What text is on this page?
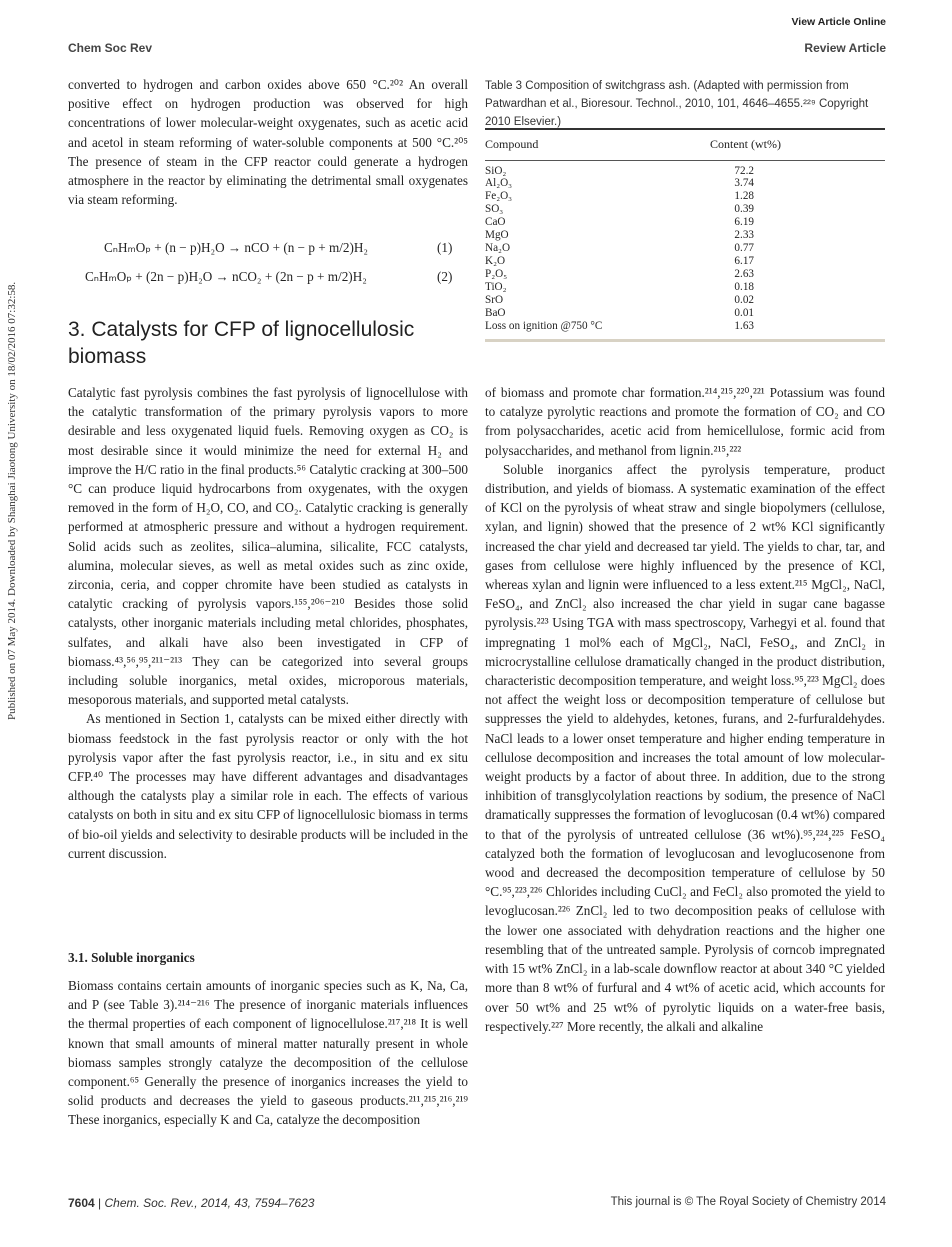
View Article Online
Chem Soc Rev	Review Article
Published on 07 May 2014. Downloaded by Shanghai Jiaotong University on 18/02/2016 07:32:58.

converted to hydrogen and carbon oxides above 650 °C.²⁰² An overall positive effect on hydrogen production was observed for high concentrations of lower molecular-weight oxygenates, such as acetic acid and acetol in steam reforming of water-soluble components at 500 °C.²⁰⁵ The presence of steam in the CFP reactor could generate a hydrogen atmosphere in the reactor by eliminating the detrimental small oxygenates via steam reforming.

CₙHₘOₚ + (n − p)H₂O → nCO + (n − p + m/2)H₂	(1)
CₙHₘOₚ + (2n − p)H₂O → nCO₂ + (2n − p + m/2)H₂	(2)
3. Catalysts for CFP of lignocellulosic biomass

Catalytic fast pyrolysis combines the fast pyrolysis of lignocellulose with the catalytic transformation of the primary pyrolysis vapors to more desirable and less oxygenated liquid fuels. Removing oxygen as CO₂ is most desirable since it would minimize the need for external H₂ and improve the H/C ratio in the final products.⁵⁶ Catalytic cracking at 300–500 °C can produce liquid hydrocarbons from oxygenates, with the oxygen removed in the form of H₂O, CO, and CO₂. Catalytic cracking is generally performed at atmospheric pressure and without a hydrogen requirement. Solid acids such as zeolites, silica–alumina, silicalite, FCC catalysts, alumina, molecular sieves, as well as metal oxides such as zinc oxide, zirconia, ceria, and copper chromite have been studied as catalysts in catalytic cracking of pyrolysis vapors.¹⁵⁵,²⁰⁶⁻²¹⁰ Besides those solid catalysts, other inorganic materials including metal chlorides, phosphates, sulfates, and alkali have also been investigated in CFP of biomass.⁴³,⁵⁶,⁹⁵,²¹¹⁻²¹³ They can be categorized into several groups including soluble inorganics, metal oxides, microporous materials, mesoporous materials, and supported metal catalysts.

As mentioned in Section 1, catalysts can be mixed either directly with biomass feedstock in the fast pyrolysis reactor or only with the hot pyrolysis vapor after the fast pyrolysis reactor, i.e., in situ and ex situ CFP.⁴⁰ The processes may have different advantages and disadvantages although the catalysts play a similar role in each. The effects of various catalysts on both in situ and ex situ CFP of lignocellulosic biomass in terms of bio-oil yields and selectivity to desirable products will be included in the current discussion.

3.1. Soluble inorganics

Biomass contains certain amounts of inorganic species such as K, Na, Ca, and P (see Table 3).²¹⁴⁻²¹⁶ The presence of inorganic materials influences the thermal properties of each component of lignocellulose.²¹⁷,²¹⁸ It is well known that small amounts of mineral matter naturally present in whole biomass samples strongly catalyze the decomposition of the cellulose component.⁶⁵ Generally the presence of inorganics increases the yield to solid products and decreases the yield to gaseous products.²¹¹,²¹⁵,²¹⁶,²¹⁹ These inorganics, especially K and Ca, catalyze the decomposition

Table 3 Composition of switchgrass ash. (Adapted with permission from Patwardhan et al., Bioresour. Technol., 2010, 101, 4646–4655.²²⁹ Copyright 2010 Elsevier.)
Compound	Content (wt%)
SiO₂	72.2
Al₂O₃	3.74
Fe₂O₃	1.28
SO₃	0.39
CaO	6.19
MgO	2.33
Na₂O	0.77
K₂O	6.17
P₂O₅	2.63
TiO₂	0.18
SrO	0.02
BaO	0.01
Loss on ignition @750 °C	1.63

of biomass and promote char formation.²¹⁴,²¹⁵,²²⁰,²²¹ Potassium was found to catalyze pyrolytic reactions and promote the formation of CO₂ and CO from polysaccharides, acetic acid from hemicellulose, formic acid from polysaccharides, and methanol from lignin.²¹⁵,²²²

Soluble inorganics affect the pyrolysis temperature, product distribution, and yields of biomass. A systematic examination of the effect of KCl on the pyrolysis of wheat straw and single biopolymers (cellulose, xylan, and lignin) showed that the presence of 2 wt% KCl significantly increased the char yield and decreased tar yield. The yields to char, tar, and gases from cellulose were highly influenced by the presence of KCl, whereas xylan and lignin were influenced to a less extent.²¹⁵ MgCl₂, NaCl, FeSO₄, and ZnCl₂ also increased the char yield in sugar cane bagasse pyrolysis.²²³ Using TGA with mass spectroscopy, Varhegyi et al. found that impregnating 1 mol% each of MgCl₂, NaCl, FeSO₄, and ZnCl₂ in microcrystalline cellulose dramatically changed in the product distribution, characteristic decomposition temperature, and weight loss.⁹⁵,²²³ MgCl₂ does not affect the weight loss or decomposition temperature of cellulose but suppresses the yield to aldehydes, ketones, furans, and 2-furfuraldehydes. NaCl leads to a lower onset temperature and higher ending temperature in cellulose decomposition and increases the total amount of low molecular-weight products by a factor of about three. In addition, due to the strong inhibition of transglycolylation reactions by sodium, the presence of NaCl dramatically suppresses the formation of levoglucosan (0.4 wt%) compared to that of the pyrolysis of untreated cellulose (36 wt%).⁹⁵,²²⁴,²²⁵ FeSO₄ catalyzed both the formation of levoglucosan and levoglucosenone from wood and decreased the decomposition temperature of cellulose by 50 °C.⁹⁵,²²³,²²⁶ Chlorides including CuCl₂ and FeCl₂ also promoted the yield to levoglucosan.²²⁶ ZnCl₂ led to two decomposition peaks of cellulose with the lower one associated with dehydration reactions and the higher one resembling that of the untreated sample. Pyrolysis of corncob impregnated with 15 wt% ZnCl₂ in a lab-scale downflow reactor at about 340 °C yielded more than 8 wt% of furfural and 4 wt% of acetic acid, which accounts for over 50 wt% and 25 wt% of pyrolytic liquids on a water-free basis, respectively.²²⁷ More recently, the alkali and alkaline

7604 | Chem. Soc. Rev., 2014, 43, 7594–7623	This journal is © The Royal Society of Chemistry 2014
